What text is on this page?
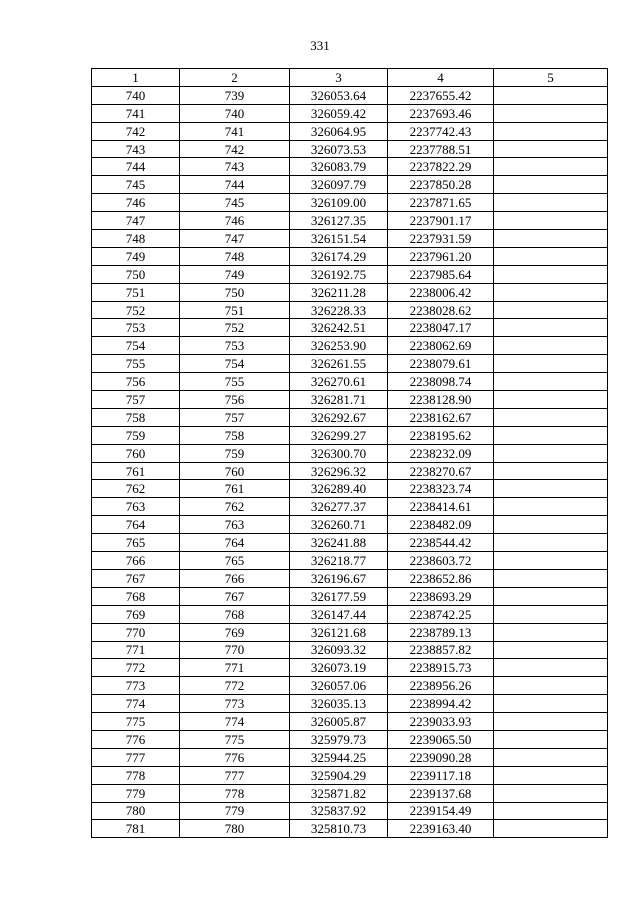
331
1	2	3	4	5
740	739	326053.64	2237655.42	
741	740	326059.42	2237693.46	
742	741	326064.95	2237742.43	
743	742	326073.53	2237788.51	
744	743	326083.79	2237822.29	
745	744	326097.79	2237850.28	
746	745	326109.00	2237871.65	
747	746	326127.35	2237901.17	
748	747	326151.54	2237931.59	
749	748	326174.29	2237961.20	
750	749	326192.75	2237985.64	
751	750	326211.28	2238006.42	
752	751	326228.33	2238028.62	
753	752	326242.51	2238047.17	
754	753	326253.90	2238062.69	
755	754	326261.55	2238079.61	
756	755	326270.61	2238098.74	
757	756	326281.71	2238128.90	
758	757	326292.67	2238162.67	
759	758	326299.27	2238195.62	
760	759	326300.70	2238232.09	
761	760	326296.32	2238270.67	
762	761	326289.40	2238323.74	
763	762	326277.37	2238414.61	
764	763	326260.71	2238482.09	
765	764	326241.88	2238544.42	
766	765	326218.77	2238603.72	
767	766	326196.67	2238652.86	
768	767	326177.59	2238693.29	
769	768	326147.44	2238742.25	
770	769	326121.68	2238789.13	
771	770	326093.32	2238857.82	
772	771	326073.19	2238915.73	
773	772	326057.06	2238956.26	
774	773	326035.13	2238994.42	
775	774	326005.87	2239033.93	
776	775	325979.73	2239065.50	
777	776	325944.25	2239090.28	
778	777	325904.29	2239117.18	
779	778	325871.82	2239137.68	
780	779	325837.92	2239154.49	
781	780	325810.73	2239163.40	
